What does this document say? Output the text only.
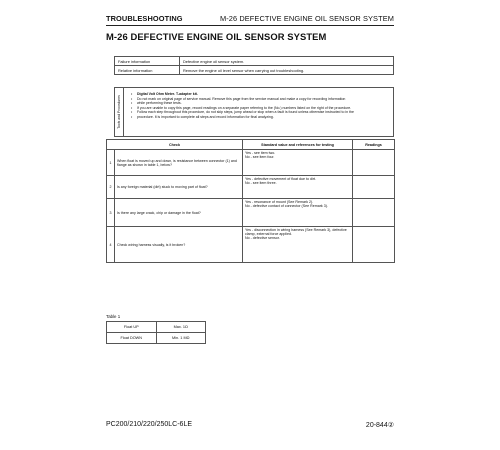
TROUBLESHOOTING	M-26 DEFECTIVE ENGINE OIL SENSOR SYSTEM
M-26 DEFECTIVE ENGINE OIL SENSOR SYSTEM
Failure information	Defective engine oil sensor system.
Relative information	Remove the engine oil level sensor when carrying out troubleshooting.
Tools and Procedures
• Digital Volt Ohm Meter. T-adapter kit.
• Do not mark on original page of service manual. Remove this page from the service manual and make a copy for recording information
• while performing these tests.
• If you are unable to copy this page, record readings on a separate paper referring to the (No.) numbers listed on the right of the procedure.
• Follow each step throughout this procedure, do not skip steps, jump ahead or stop when a fault is found unless otherwise instructed to in the
• procedure. It is important to complete all steps and record information for final analyzing.
Check		Standard value and references for testing	Readings
1	When float is moved up and down, is resistance between connector (1) and flange as shown in table 1, below?	Yes - see item two.
No - see item four.	

2	Is any foreign material (dirt) stuck to moving part of float?	Yes - defective movement of float due to dirt.
No - see item three.	

3	Is there any large crack, chip or damage in the float?	Yes - resonance of mount (See Remark 2).
No - defective contact of connector (See Remark 3).	

4	Check wiring harness visually, is it broken?	Yes - disconnection in wiring harness (See Remark 3), defective clamp, external force applied.
No - defective sensor.	

Table 1
Float UP	Max. 1Ω
Float DOWN	Min. 1 MΩ
PC200/210/220/250LC-6LE	20-844②
